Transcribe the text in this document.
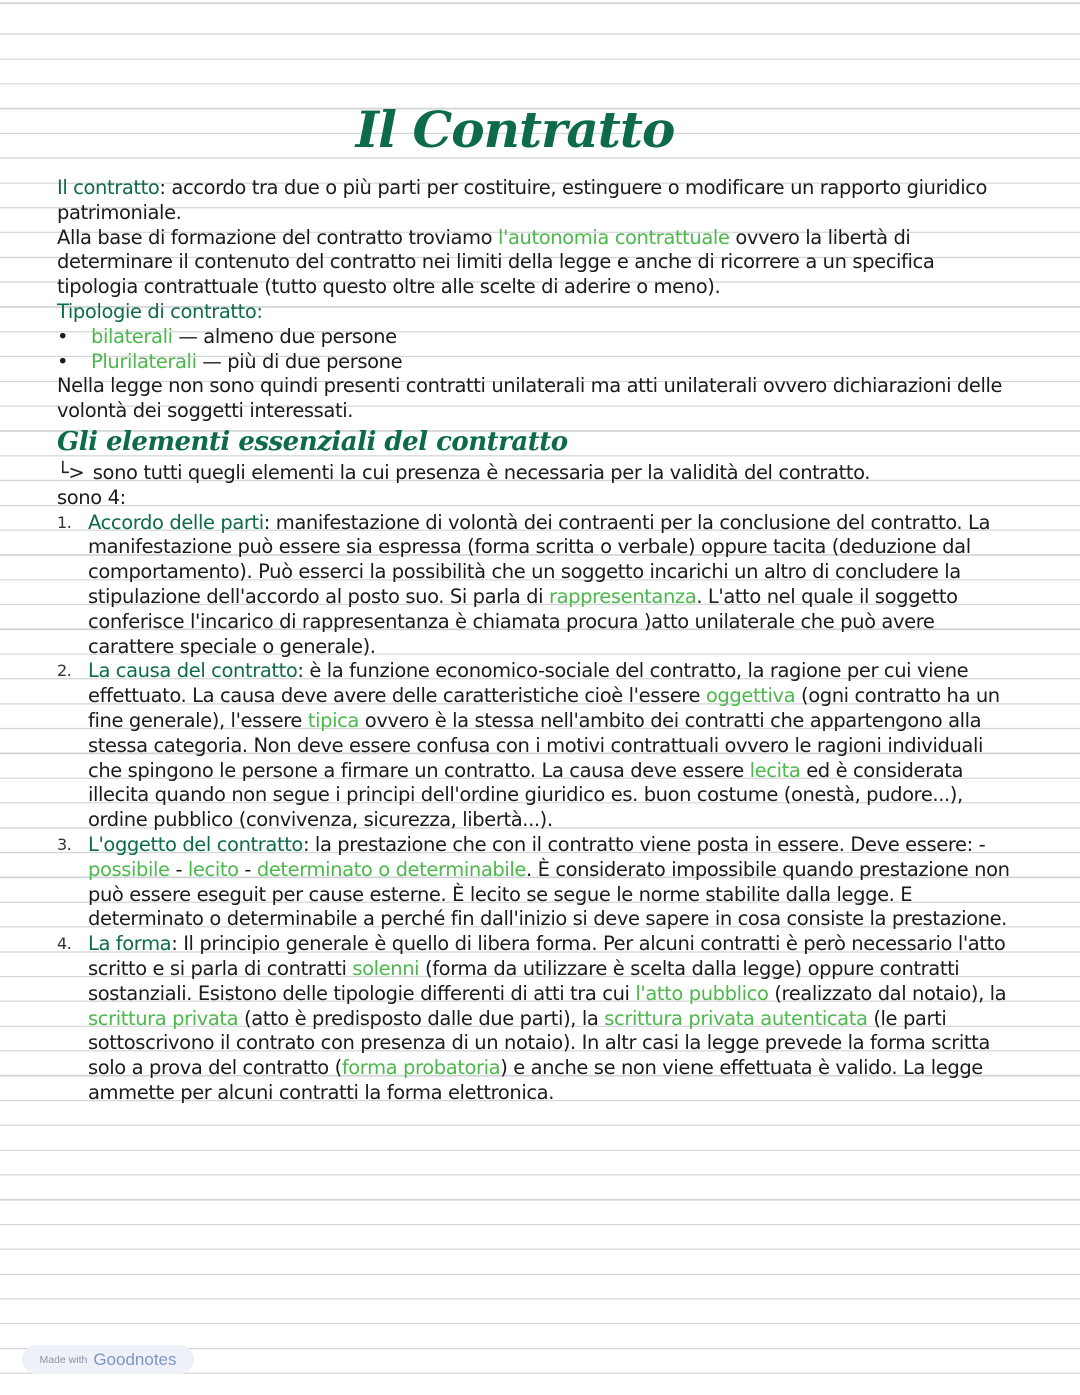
Il Contratto

Il contratto: accordo tra due o più parti per costituire, estinguere o modificare un rapporto giuridico patrimoniale.

Alla base di formazione del contratto troviamo l'autonomia contrattuale ovvero la libertà di determinare il contenuto del contratto nei limiti della legge e anche di ricorrere a un specifica tipologia contrattuale (tutto questo oltre alle scelte di aderire o meno).

Tipologie di contratto:

•	bilaterali — almeno due persone
•	Plurilaterali — più di due persone

Nella legge non sono quindi presenti contratti unilaterali ma atti unilaterali ovvero dichiarazioni delle volontà dei soggetti interessati.

Gli elementi essenziali del contratto

└> sono tutti quegli elementi la cui presenza è necessaria per la validità del contratto.

sono 4:

1. Accordo delle parti: manifestazione di volontà dei contraenti per la conclusione del contratto. La manifestazione può essere sia espressa (forma scritta o verbale) oppure tacita (deduzione dal comportamento). Può esserci la possibilità che un soggetto incarichi un altro di concludere la stipulazione dell'accordo al posto suo. Si parla di rappresentanza. L'atto nel quale il soggetto conferisce l'incarico di rappresentanza è chiamata procura )atto unilaterale che può avere carattere speciale o generale).
2. La causa del contratto: è la funzione economico-sociale del contratto, la ragione per cui viene effettuato. La causa deve avere delle caratteristiche cioè l'essere oggettiva (ogni contratto ha un fine generale), l'essere tipica ovvero è la stessa nell'ambito dei contratti che appartengono alla stessa categoria. Non deve essere confusa con i motivi contrattuali ovvero le ragioni individuali che spingono le persone a firmare un contratto. La causa deve essere lecita ed è considerata illecita quando non segue i principi dell'ordine giuridico es. buon costume (onestà, pudore...), ordine pubblico (convivenza, sicurezza, libertà...).
3. L'oggetto del contratto: la prestazione che con il contratto viene posta in essere. Deve essere: - possibile - lecito - determinato o determinabile. È considerato impossibile quando prestazione non può essere eseguit per cause esterne. È lecito se segue le norme stabilite dalla legge. E determinato o determinabile a perché fin dall'inizio si deve sapere in cosa consiste la prestazione.
4. La forma: Il principio generale è quello di libera forma. Per alcuni contratti è però necessario l'atto scritto e si parla di contratti solenni (forma da utilizzare è scelta dalla legge) oppure contratti sostanziali. Esistono delle tipologie differenti di atti tra cui l'atto pubblico (realizzato dal notaio), la scrittura privata (atto è predisposto dalle due parti), la scrittura privata autenticata (le parti sottoscrivono il contrato con presenza di un notaio). In altr casi la legge prevede la forma scritta solo a prova del contratto (forma probatoria) e anche se non viene effettuata è valido. La legge ammette per alcuni contratti la forma elettronica.
Made with Goodnotes
